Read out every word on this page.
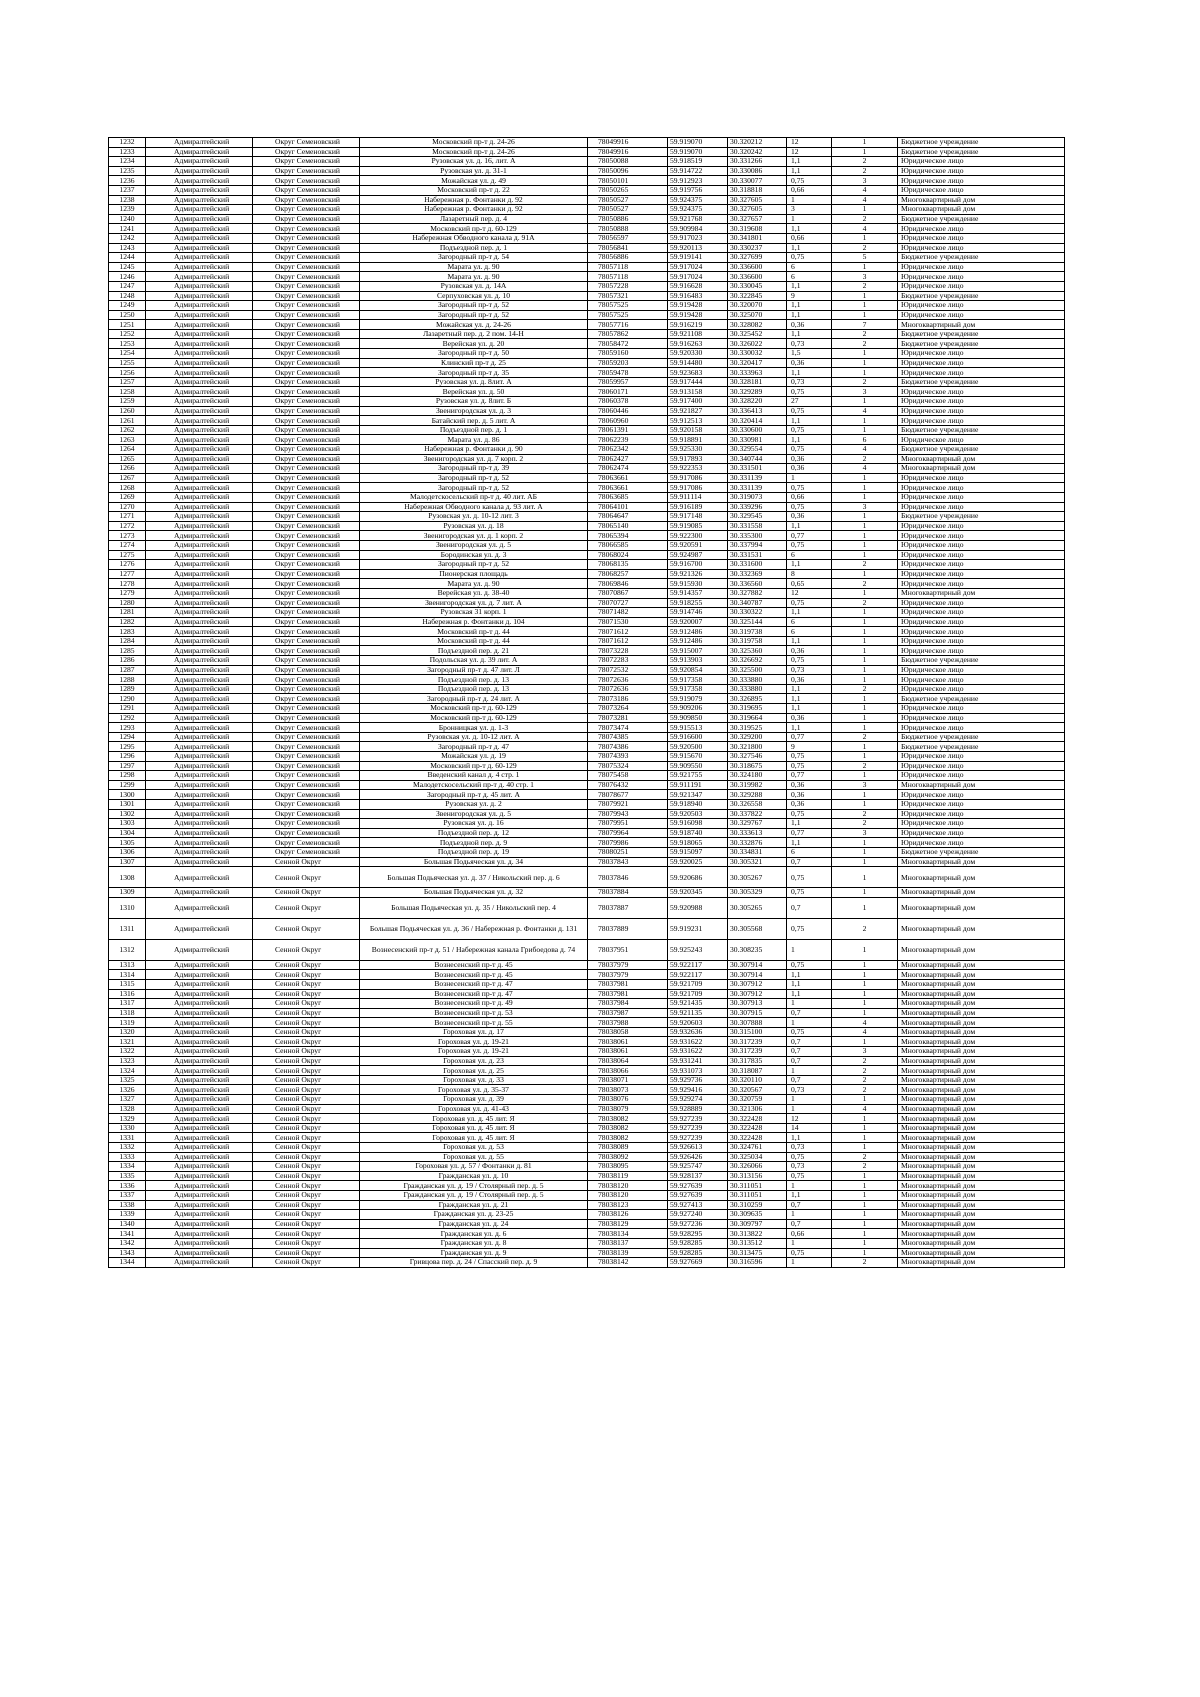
1232	Адмиралтейский	Округ Семеновский	Московский пр-т д. 24-26	78049916	59.919070	30.320212	12	1	Бюджетное учреждение
1233	Адмиралтейский	Округ Семеновский	Московский пр-т д. 24-26	78049916	59.919070	30.320242	12	1	Бюджетное учреждение
1234	Адмиралтейский	Округ Семеновский	Рузовская ул. д. 16, лит. А	78050088	59.918519	30.331266	1,1	2	Юридическое лицо
1235	Адмиралтейский	Округ Семеновский	Рузовская ул. д. 31-1	78050096	59.914722	30.330086	1,1	2	Юридическое лицо
1236	Адмиралтейский	Округ Семеновский	Можайская ул. д. 49	78050101	59.912923	30.330077	0,75	3	Юридическое лицо
1237	Адмиралтейский	Округ Семеновский	Московский пр-т д. 22	78050265	59.919756	30.318818	0,66	4	Юридическое лицо
1238	Адмиралтейский	Округ Семеновский	Набережная р. Фонтанки д. 92	78050527	59.924375	30.327605	1	4	Многоквартирный дом
1239	Адмиралтейский	Округ Семеновский	Набережная р. Фонтанки д. 92	78050527	59.924375	30.327605	3	1	Многоквартирный дом
1240	Адмиралтейский	Округ Семеновский	Лазаретный пер. д. 4	78050886	59.921768	30.327657	1	2	Бюджетное учреждение
1241	Адмиралтейский	Округ Семеновский	Московский пр-т д. 60-129	78050888	59.909984	30.319608	1,1	4	Юридическое лицо
1242	Адмиралтейский	Округ Семеновский	Набережная Обводного канала д. 91А	78056597	59.917023	30.341801	0,66	1	Юридическое лицо
1243	Адмиралтейский	Округ Семеновский	Подъездной пер. д. 1	78056841	59.920113	30.330237	1,1	2	Юридическое лицо
1244	Адмиралтейский	Округ Семеновский	Загородный пр-т д. 54	78056886	59.919141	30.327699	0,75	5	Бюджетное учреждение
1245	Адмиралтейский	Округ Семеновский	Марата ул. д. 90	78057118	59.917024	30.336600	6	1	Юридическое лицо
1246	Адмиралтейский	Округ Семеновский	Марата ул. д. 90	78057118	59.917024	30.336600	6	3	Юридическое лицо
1247	Адмиралтейский	Округ Семеновский	Рузовская ул. д. 14А	78057228	59.916628	30.330045	1,1	2	Юридическое лицо
1248	Адмиралтейский	Округ Семеновский	Серпуховская ул. д. 10	78057321	59.916483	30.322845	9	1	Бюджетное учреждение
1249	Адмиралтейский	Округ Семеновский	Загородный пр-т д. 52	78057525	59.919428	30.320070	1,1	1	Юридическое лицо
1250	Адмиралтейский	Округ Семеновский	Загородный пр-т д. 52	78057525	59.919428	30.325070	1,1	1	Юридическое лицо
1251	Адмиралтейский	Округ Семеновский	Можайская ул. д. 24-26	78057716	59.916219	30.328082	0,36	7	Многоквартирный дом
1252	Адмиралтейский	Округ Семеновский	Лазаретный пер. д. 2 пом. 14-Н	78057862	59.921108	30.325452	1,1	2	Бюджетное учреждение
1253	Адмиралтейский	Округ Семеновский	Верейская ул. д. 20	78058472	59.916263	30.326022	0,73	2	Бюджетное учреждение
1254	Адмиралтейский	Округ Семеновский	Загородный пр-т д. 50	78059160	59.920330	30.330032	1,5	1	Юридическое лицо
1255	Адмиралтейский	Округ Семеновский	Клинский пр-т д. 25	78059203	59.914480	30.320417	0,36	1	Юридическое лицо
1256	Адмиралтейский	Округ Семеновский	Загородный пр-т д. 35	78059478	59.923683	30.333963	1,1	1	Юридическое лицо
1257	Адмиралтейский	Округ Семеновский	Рузовская ул. д. 8лит. А	78059957	59.917444	30.328181	0,73	2	Бюджетное учреждение
1258	Адмиралтейский	Округ Семеновский	Верейская ул. д. 50	78060171	59.913158	30.329289	0,75	3	Юридическое лицо
1259	Адмиралтейский	Округ Семеновский	Рузовская ул. д. 8лит. Б	78060378	59.917400	30.328220	27	1	Юридическое лицо
1260	Адмиралтейский	Округ Семеновский	Звенигородская ул. д. 3	78060446	59.921827	30.336413	0,75	4	Юридическое лицо
1261	Адмиралтейский	Округ Семеновский	Батайский пер. д. 5 лит. А	78060960	59.912513	30.320414	1,1	1	Юридическое лицо
1262	Адмиралтейский	Округ Семеновский	Подъездной пер. д. 1	78061391	59.920158	30.330600	0,75	1	Бюджетное учреждение
1263	Адмиралтейский	Округ Семеновский	Марата ул. д. 86	78062239	59.918891	30.330981	1,1	6	Юридическое лицо
1264	Адмиралтейский	Округ Семеновский	Набережная р. Фонтанки д. 90	78062342	59.925330	30.329554	0,75	4	Бюджетное учреждение
1265	Адмиралтейский	Округ Семеновский	Звенигородская ул. д. 7 корп. 2	78062427	59.917893	30.340744	0,36	2	Многоквартирный дом
1266	Адмиралтейский	Округ Семеновский	Загородный пр-т д. 39	78062474	59.922353	30.331501	0,36	4	Многоквартирный дом
1267	Адмиралтейский	Округ Семеновский	Загородный пр-т д. 52	78063661	59.917086	30.331139	1	1	Юридическое лицо
1268	Адмиралтейский	Округ Семеновский	Загородный пр-т д. 52	78063661	59.917086	30.331139	0,75	1	Юридическое лицо
1269	Адмиралтейский	Округ Семеновский	Малодетскосельский пр-т д. 40 лит. АБ	78063685	59.911114	30.319073	0,66	1	Юридическое лицо
1270	Адмиралтейский	Округ Семеновский	Набережная Обводного канала д. 93 лит. А	78064101	59.916189	30.339296	0,75	3	Юридическое лицо
1271	Адмиралтейский	Округ Семеновский	Рузовская ул. д. 10-12 лит. 3	78064647	59.917148	30.329545	0,36	1	Бюджетное учреждение
1272	Адмиралтейский	Округ Семеновский	Рузовская ул. д. 18	78065140	59.919085	30.331558	1,1	1	Юридическое лицо
1273	Адмиралтейский	Округ Семеновский	Звенигородская ул. д. 1 корп. 2	78065394	59.922300	30.335300	0,77	1	Юридическое лицо
1274	Адмиралтейский	Округ Семеновский	Звенигородская ул. д. 5	78066585	59.920591	30.337994	0,75	1	Юридическое лицо
1275	Адмиралтейский	Округ Семеновский	Бородинская ул. д. 3	78068024	59.924987	30.331531	6	1	Юридическое лицо
1276	Адмиралтейский	Округ Семеновский	Загородный пр-т д. 52	78068135	59.916700	30.331600	1,1	2	Юридическое лицо
1277	Адмиралтейский	Округ Семеновский	Пионерская площадь	78068257	59.921326	30.332369	8	1	Юридическое лицо
1278	Адмиралтейский	Округ Семеновский	Марата ул. д. 90	78069846	59.915930	30.336560	0,65	2	Юридическое лицо
1279	Адмиралтейский	Округ Семеновский	Верейская ул. д. 38-40	78070867	59.914357	30.327882	12	1	Многоквартирный дом
1280	Адмиралтейский	Округ Семеновский	Звенигородская ул. д. 7 лит. А	78070727	59.918255	30.340787	0,75	2	Юридическое лицо
1281	Адмиралтейский	Округ Семеновский	Рузовская 31 корп. 1	78071482	59.914746	30.330322	1,1	1	Юридическое лицо
1282	Адмиралтейский	Округ Семеновский	Набережная р. Фонтанки д. 104	78071530	59.920007	30.325144	6	1	Юридическое лицо
1283	Адмиралтейский	Округ Семеновский	Московский пр-т д. 44	78071612	59.912486	30.319738	6	1	Юридическое лицо
1284	Адмиралтейский	Округ Семеновский	Московский пр-т д. 44	78071612	59.912486	30.319758	1,1	1	Юридическое лицо
1285	Адмиралтейский	Округ Семеновский	Подъездной пер. д. 21	78073228	59.915007	30.325360	0,36	1	Юридическое лицо
1286	Адмиралтейский	Округ Семеновский	Подольская ул. д. 39 лит. А	78072283	59.913903	30.326692	0,75	1	Бюджетное учреждение
1287	Адмиралтейский	Округ Семеновский	Загородный пр-т д. 47 лит. Л	78072532	59.920854	30.325500	0,73	1	Юридическое лицо
1288	Адмиралтейский	Округ Семеновский	Подъездной пер. д. 13	78072636	59.917358	30.333880	0,36	1	Юридическое лицо
1289	Адмиралтейский	Округ Семеновский	Подъездной пер. д. 13	78072636	59.917358	30.333880	1,1	2	Юридическое лицо
1290	Адмиралтейский	Округ Семеновский	Загородный пр-т д. 24 лит. А	78073186	59.919079	30.326895	1,1	1	Бюджетное учреждение
1291	Адмиралтейский	Округ Семеновский	Московский пр-т д. 60-129	78073264	59.909206	30.319695	1,1	1	Юридическое лицо
1292	Адмиралтейский	Округ Семеновский	Московский пр-т д. 60-129	78073281	59.909850	30.319664	0,36	1	Юридическое лицо
1293	Адмиралтейский	Округ Семеновский	Бронницкая ул. д. 1-3	78073474	59.915513	30.319525	1,1	1	Юридическое лицо
1294	Адмиралтейский	Округ Семеновский	Рузовская ул. д. 10-12 лит. А	78074385	59.916600	30.329200	0,77	2	Бюджетное учреждение
1295	Адмиралтейский	Округ Семеновский	Загородный пр-т д. 47	78074386	59.920500	30.321800	9	1	Бюджетное учреждение
1296	Адмиралтейский	Округ Семеновский	Можайская ул. д. 19	78074393	59.915670	30.327546	0,75	1	Юридическое лицо
1297	Адмиралтейский	Округ Семеновский	Московский пр-т д. 60-129	78075324	59.909550	30.318675	0,75	2	Юридическое лицо
1298	Адмиралтейский	Округ Семеновский	Введенский канал д. 4 стр. 1	78075458	59.921755	30.324180	0,77	1	Юридическое лицо
1299	Адмиралтейский	Округ Семеновский	Малодетскосельский пр-т д. 40 стр. 1	78076432	59.911191	30.319982	0,36	3	Многоквартирный дом
1300	Адмиралтейский	Округ Семеновский	Загородный пр-т д. 45 лит. А	78078677	59.921347	30.329288	0,36	1	Юридическое лицо
1301	Адмиралтейский	Округ Семеновский	Рузовская ул. д. 2	78079921	59.918940	30.326558	0,36	1	Юридическое лицо
1302	Адмиралтейский	Округ Семеновский	Звенигородская ул. д. 5	78079943	59.920503	30.337822	0,75	2	Юридическое лицо
1303	Адмиралтейский	Округ Семеновский	Рузовская ул. д. 16	78079951	59.916098	30.329767	1,1	2	Юридическое лицо
1304	Адмиралтейский	Округ Семеновский	Подъездной пер. д. 12	78079964	59.918740	30.333613	0,77	3	Юридическое лицо
1305	Адмиралтейский	Округ Семеновский	Подъездной пер. д. 9	78079986	59.918065	30.332876	1,1	1	Юридическое лицо
1306	Адмиралтейский	Округ Семеновский	Подъездной пер. д. 19	78080251	59.915097	30.334831	6	1	Бюджетное учреждение
1307	Адмиралтейский	Сенной Округ	Большая Подьяческая ул. д. 34	78037843	59.920025	30.305321	0,7	1	Многоквартирный дом
1308	Адмиралтейский	Сенной Округ	Большая Подьяческая ул. д. 37 / Никольский пер. д. 6	78037846	59.920686	30.305267	0,75	1	Многоквартирный дом
1309	Адмиралтейский	Сенной Округ	Большая Подьяческая ул. д. 32	78037884	59.920345	30.305329	0,75	1	Многоквартирный дом
1310	Адмиралтейский	Сенной Округ	Большая Подьяческая ул. д. 35 / Никольский пер. 4	78037887	59.920988	30.305265	0,7	1	Многоквартирный дом
1311	Адмиралтейский	Сенной Округ	Большая Подьяческая ул. д. 36 / Набережная р. Фонтанки д. 131	78037889	59.919231	30.305568	0,75	2	Многоквартирный дом
1312	Адмиралтейский	Сенной Округ	Вознесенский пр-т д. 51 / Набережная канала Грибоедова д. 74	78037951	59.925243	30.308235	1	1	Многоквартирный дом
1313	Адмиралтейский	Сенной Округ	Вознесенский пр-т д. 45	78037979	59.922117	30.307914	0,75	1	Многоквартирный дом
1314	Адмиралтейский	Сенной Округ	Вознесенский пр-т д. 45	78037979	59.922117	30.307914	1,1	1	Многоквартирный дом
1315	Адмиралтейский	Сенной Округ	Вознесенский пр-т д. 47	78037981	59.921709	30.307912	1,1	1	Многоквартирный дом
1316	Адмиралтейский	Сенной Округ	Вознесенский пр-т д. 47	78037981	59.921709	30.307912	1,1	1	Многоквартирный дом
1317	Адмиралтейский	Сенной Округ	Вознесенский пр-т д. 49	78037984	59.921435	30.307913	1	1	Многоквартирный дом
1318	Адмиралтейский	Сенной Округ	Вознесенский пр-т д. 53	78037987	59.921135	30.307915	0,7	1	Многоквартирный дом
1319	Адмиралтейский	Сенной Округ	Вознесенский пр-т д. 55	78037988	59.920603	30.307888	1	4	Многоквартирный дом
1320	Адмиралтейский	Сенной Округ	Гороховая ул. д. 17	78038058	59.932636	30.315100	0,75	4	Многоквартирный дом
1321	Адмиралтейский	Сенной Округ	Гороховая ул. д. 19-21	78038061	59.931622	30.317239	0,7	1	Многоквартирный дом
1322	Адмиралтейский	Сенной Округ	Гороховая ул. д. 19-21	78038061	59.931622	30.317239	0,7	3	Многоквартирный дом
1323	Адмиралтейский	Сенной Округ	Гороховая ул. д. 23	78038064	59.931241	30.317835	0,7	2	Многоквартирный дом
1324	Адмиралтейский	Сенной Округ	Гороховая ул. д. 25	78038066	59.931073	30.318087	1	2	Многоквартирный дом
1325	Адмиралтейский	Сенной Округ	Гороховая ул. д. 33	78038071	59.929736	30.320110	0,7	2	Многоквартирный дом
1326	Адмиралтейский	Сенной Округ	Гороховая ул. д. 35-37	78038073	59.929416	30.320567	0,73	2	Многоквартирный дом
1327	Адмиралтейский	Сенной Округ	Гороховая ул. д. 39	78038076	59.929274	30.320759	1	1	Многоквартирный дом
1328	Адмиралтейский	Сенной Округ	Гороховая ул. д. 41-43	78038079	59.928889	30.321306	1	4	Многоквартирный дом
1329	Адмиралтейский	Сенной Округ	Гороховая ул. д. 45 лит. Я	78038082	59.927239	30.322428	12	1	Многоквартирный дом
1330	Адмиралтейский	Сенной Округ	Гороховая ул. д. 45 лит. Я	78038082	59.927239	30.322428	14	1	Многоквартирный дом
1331	Адмиралтейский	Сенной Округ	Гороховая ул. д. 45 лит. Я	78038082	59.927239	30.322428	1,1	1	Многоквартирный дом
1332	Адмиралтейский	Сенной Округ	Гороховая ул. д. 53	78038089	59.926613	30.324761	0,73	1	Многоквартирный дом
1333	Адмиралтейский	Сенной Округ	Гороховая ул. д. 55	78038092	59.926426	30.325034	0,75	2	Многоквартирный дом
1334	Адмиралтейский	Сенной Округ	Гороховая ул. д. 57 / Фонтанки д. 81	78038095	59.925747	30.326066	0,73	2	Многоквартирный дом
1335	Адмиралтейский	Сенной Округ	Гражданская ул. д. 10	78038119	59.928137	30.313156	0,75	1	Многоквартирный дом
1336	Адмиралтейский	Сенной Округ	Гражданская ул. д. 19 / Столярный пер. д. 5	78038120	59.927639	30.311051	1	1	Многоквартирный дом
1337	Адмиралтейский	Сенной Округ	Гражданская ул. д. 19 / Столярный пер. д. 5	78038120	59.927639	30.311051	1,1	1	Многоквартирный дом
1338	Адмиралтейский	Сенной Округ	Гражданская ул. д. 21	78038123	59.927413	30.310259	0,7	1	Многоквартирный дом
1339	Адмиралтейский	Сенной Округ	Гражданская ул. д. 23-25	78038126	59.927240	30.309635	1	1	Многоквартирный дом
1340	Адмиралтейский	Сенной Округ	Гражданская ул. д. 24	78038129	59.927236	30.309797	0,7	1	Многоквартирный дом
1341	Адмиралтейский	Сенной Округ	Гражданская ул. д. 6	78038134	59.928295	30.313822	0,66	1	Многоквартирный дом
1342	Адмиралтейский	Сенной Округ	Гражданская ул. д. 8	78038137	59.928285	30.313512	1	1	Многоквартирный дом
1343	Адмиралтейский	Сенной Округ	Гражданская ул. д. 9	78038139	59.928285	30.313475	0,75	1	Многоквартирный дом
1344	Адмиралтейский	Сенной Округ	Гривцова пер. д. 24 / Спасский пер. д. 9	78038142	59.927669	30.316596	1	2	Многоквартирный дом
